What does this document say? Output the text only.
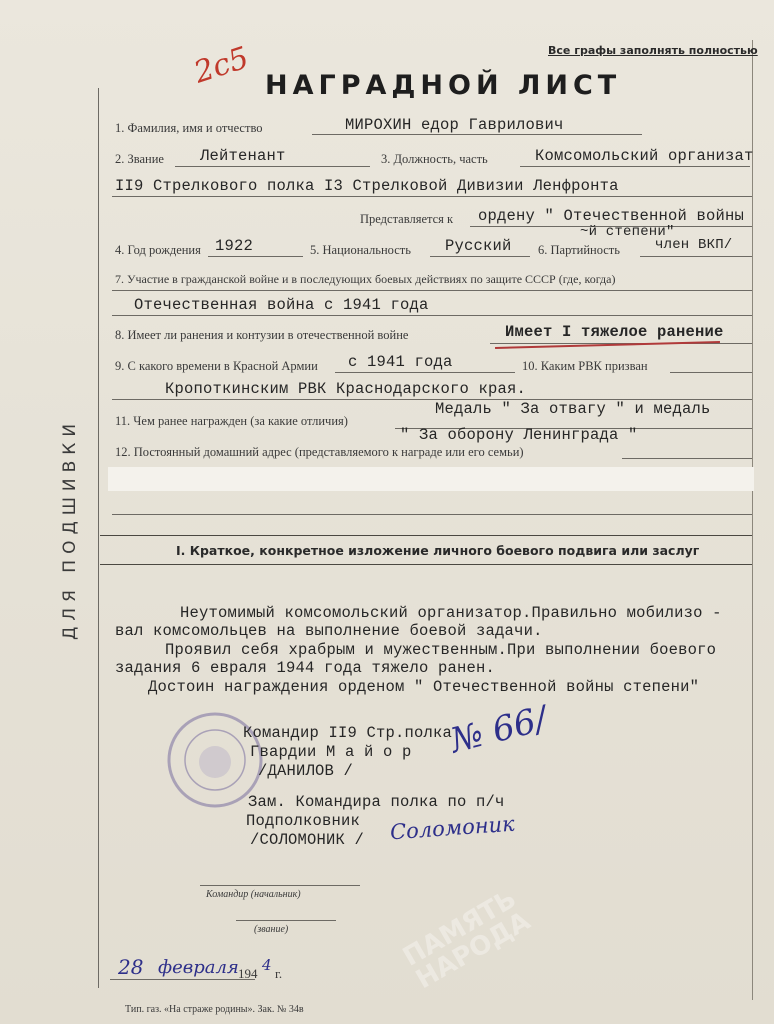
ДЛЯ ПОДШИВКИ
Все графы заполнять полностью
2с5 НАГРАДНОЙ ЛИСТ
1. Фамилия, имя и отчество	МИРОХИН едор Гаврилович
2. Звание Лейтенант	3. Должность, часть	Комсомольский организат
II9 Стрелкового полка I3 Стрелковой Дивизии Ленфронта
Представляется к ордену " Отечественной войны
~й степени"
4. Год рождения 1922	5. Национальность Русский 6. Партийность	член ВКП/
7. Участие в гражданской войне и в последующих боевых действиях по защите СССР (где, когда)
Отечественная война с 1941 года
8. Имеет ли ранения и контузии в отечественной войне	Имеет I тяжелое ранение
9. С какого времени в Красной Армии с 1941 года	10. Каким РВК призван
Кропоткинским РВК Краснодарского края.
Медаль " За отвагу " и медаль
11. Чем ранее награжден (за какие отличия)
" За оборону Ленинграда "
12. Постоянный домашний адрес (представляемого к награде или его семьи)
I. Краткое, конкретное изложение личного боевого подвига или заслуг
Неутомимый комсомольский организатор.Правильно мобилизо -
вал комсомольцев на выполнение боевой задачи.
Проявил себя храбрым и мужественным.При выполнении боевого
задания 6 евраля 1944 года тяжело ранен.
Достоин награждения орденом " Отечественной войны степени"
Командир II9 Стр.полка
Гвардии М а й о р
/ДАНИЛОВ /
№ 66/
Зам. Командира полка по п/ч
Подполковник
/СОЛОМОНИК / Соломоник
Командир (начальник)
(звание)
28 февраля 194 4 г.
Тип. газ. «На страже родины». Зак. № 34в
ПАМЯТЬ НАРОДА
